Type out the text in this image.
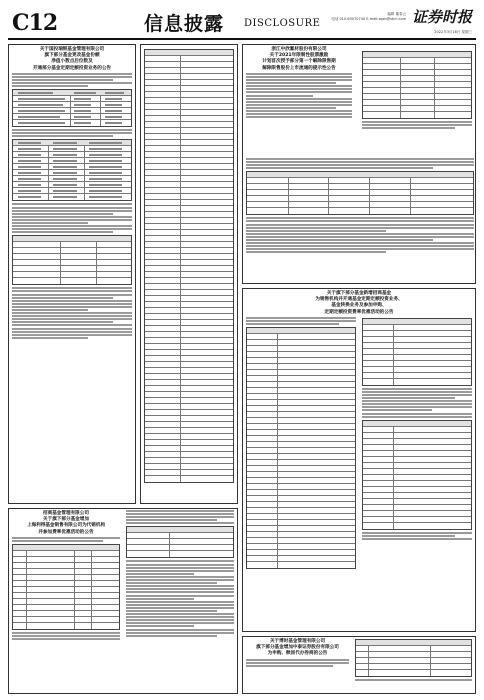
C12	信息披露 DISCLOSURE
编辑 董春云
电话 010-63070740 E-mail:zqsb@stcn.com 证券时报
2022年3月16日 星期三
关于国投瑞银基金管理有限公司
旗下部分基金更改基金份额
净值小数点后位数及
开通部分基金定期定额投资业务的公告
浙江中欣氟材股份有限公司
关于2021年限制性股票激励
计划首次授予部分第一个解除限售期
解除限售股份上市流通的提示性公告
关于旗下部分基金新增招商基金
为销售机构并开通基金定期定额投资业务、
基金转换业务及参加申购、
定期定额投资费率优惠活动的公告
招商基金管理有限公司
关于旗下部分基金增加
上海利得基金销售有限公司为代销机构
并参加费率优惠活动的公告
关于博时基金管理有限公司
旗下部分基金增加中泰证券股份有限公司
为申购、赎回代办券商的公告
